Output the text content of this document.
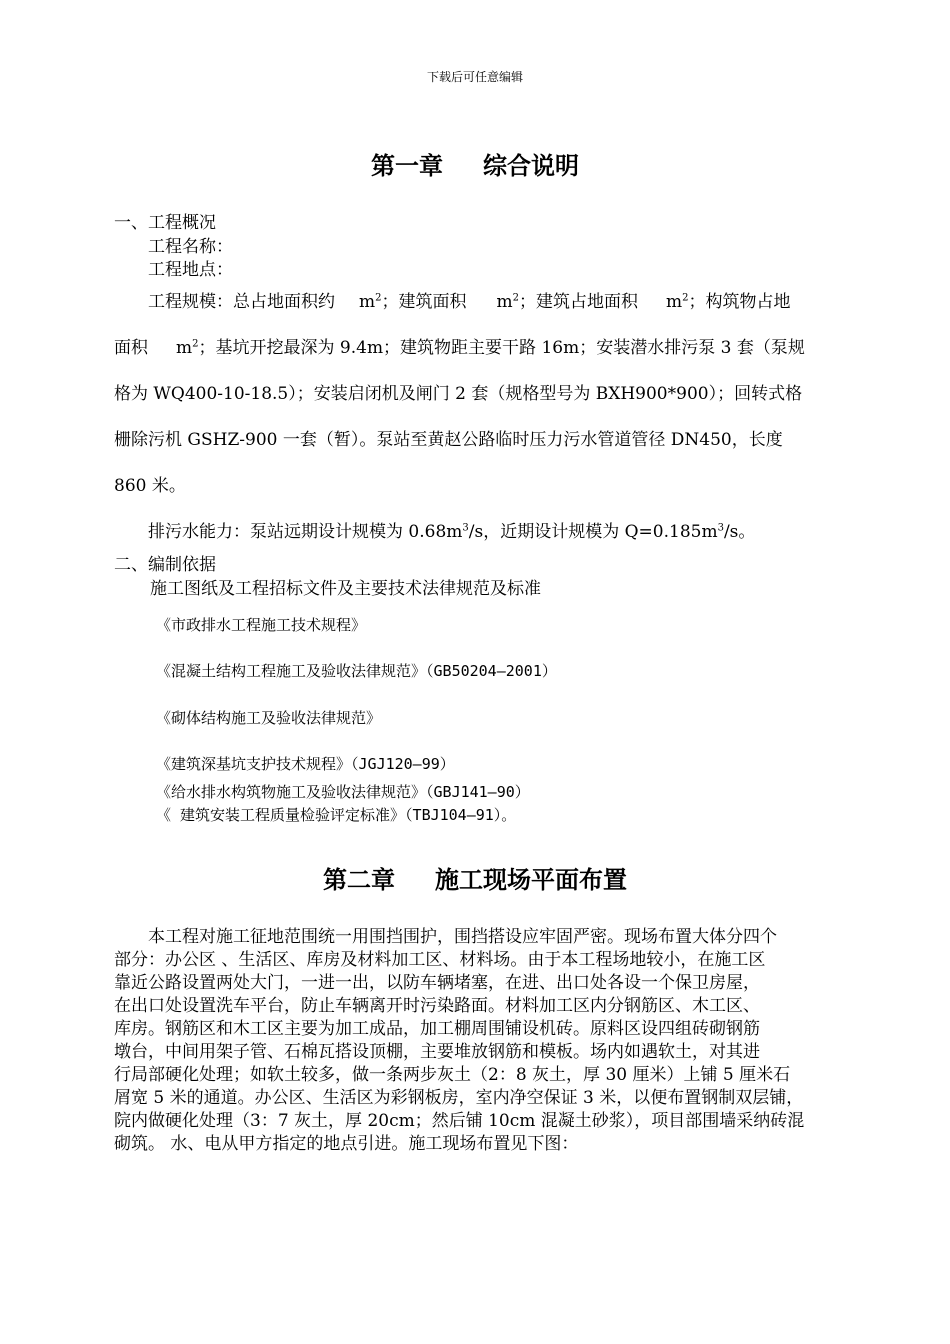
下载后可任意编辑
第一章 综合说明
一、工程概况
工程名称：
工程地点：
工程规模：总占地面积约 $m^2$；建筑面积 $m^2$；建筑占地面积 $m^2$；构筑物占地
面积 $m^2$；基坑开挖最深为 9.4m；建筑物距主要干路 16m；安装潜水排污泵 3 套（泵规
格为 WQ400-10-18.5）；安装启闭机及闸门 2 套（规格型号为 BXH900*900）；回转式格
栅除污机 GSHZ-900 一套（暂）。泵站至黄赵公路临时压力污水管道管径 DN450，长度
860 米。
排污水能力：泵站远期设计规模为 $0.68m^3/s$，近期设计规模为 $Q=0.185m^3/s$。
二、编制依据
施工图纸及工程招标文件及主要技术法律规范及标准
《市政排水工程施工技术规程》
《混凝土结构工程施工及验收法律规范》（GB50204—2001）
《砌体结构施工及验收法律规范》
《建筑深基坑支护技术规程》（JGJ120—99）
《给水排水构筑物施工及验收法律规范》（GBJ141—90）
《 建筑安装工程质量检验评定标准》（TBJ104—91）。
第二章 施工现场平面布置
本工程对施工征地范围统一用围挡围护，围挡搭设应牢固严密。现场布置大体分四个
部分：办公区 、生活区、库房及材料加工区、材料场。由于本工程场地较小，在施工区
靠近公路设置两处大门，一进一出，以防车辆堵塞，在进、出口处各设一个保卫房屋，
在出口处设置洗车平台，防止车辆离开时污染路面。材料加工区内分钢筋区、木工区、
库房。钢筋区和木工区主要为加工成品，加工棚周围铺设机砖。原料区设四组砖砌钢筋
墩台，中间用架子管、石棉瓦搭设顶棚，主要堆放钢筋和模板。场内如遇软土，对其进
行局部硬化处理；如软土较多，做一条两步灰土（2：8 灰土，厚 30 厘米）上铺 5 厘米石
屑宽 5 米的通道。办公区、生活区为彩钢板房，室内净空保证 3 米，以便布置钢制双层铺，
院内做硬化处理（3：7 灰土，厚 20cm；然后铺 10cm 混凝土砂浆），项目部围墙采纳砖混
砌筑。 水、电从甲方指定的地点引进。施工现场布置见下图：
